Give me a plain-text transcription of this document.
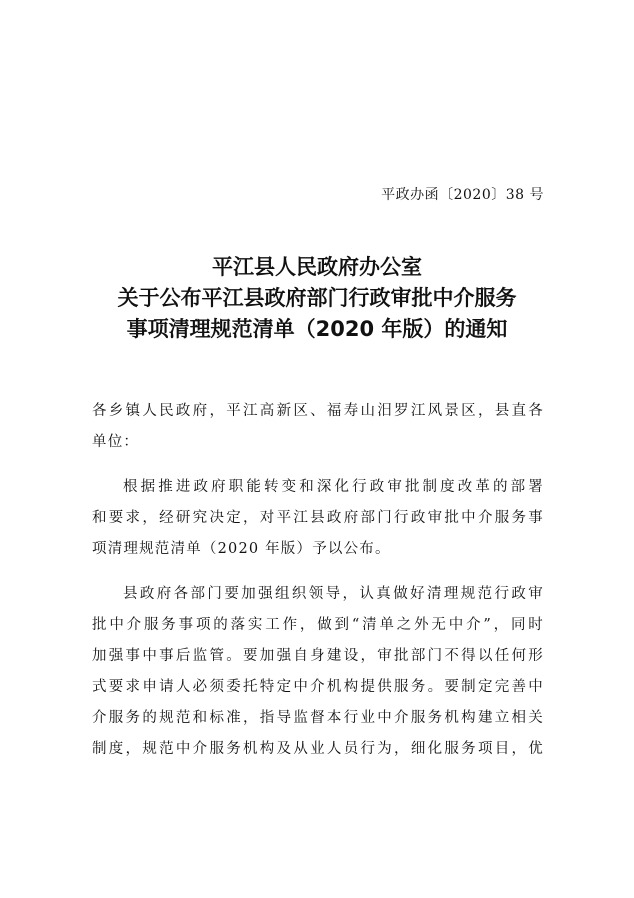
平政办函〔2020〕38 号
平江县人民政府办公室
关于公布平江县政府部门行政审批中介服务
事项清理规范清单（2020 年版）的通知
各乡镇人民政府，平江高新区、福寿山汨罗江风景区，县直各
单位：
根据推进政府职能转变和深化行政审批制度改革的部署
和要求，经研究决定，对平江县政府部门行政审批中介服务事
项清理规范清单（2020 年版）予以公布。
县政府各部门要加强组织领导，认真做好清理规范行政审
批中介服务事项的落实工作，做到“清单之外无中介”，同时
加强事中事后监管。要加强自身建设，审批部门不得以任何形
式要求申请人必须委托特定中介机构提供服务。要制定完善中
介服务的规范和标准，指导监督本行业中介服务机构建立相关
制度，规范中介服务机构及从业人员行为，细化服务项目，优
